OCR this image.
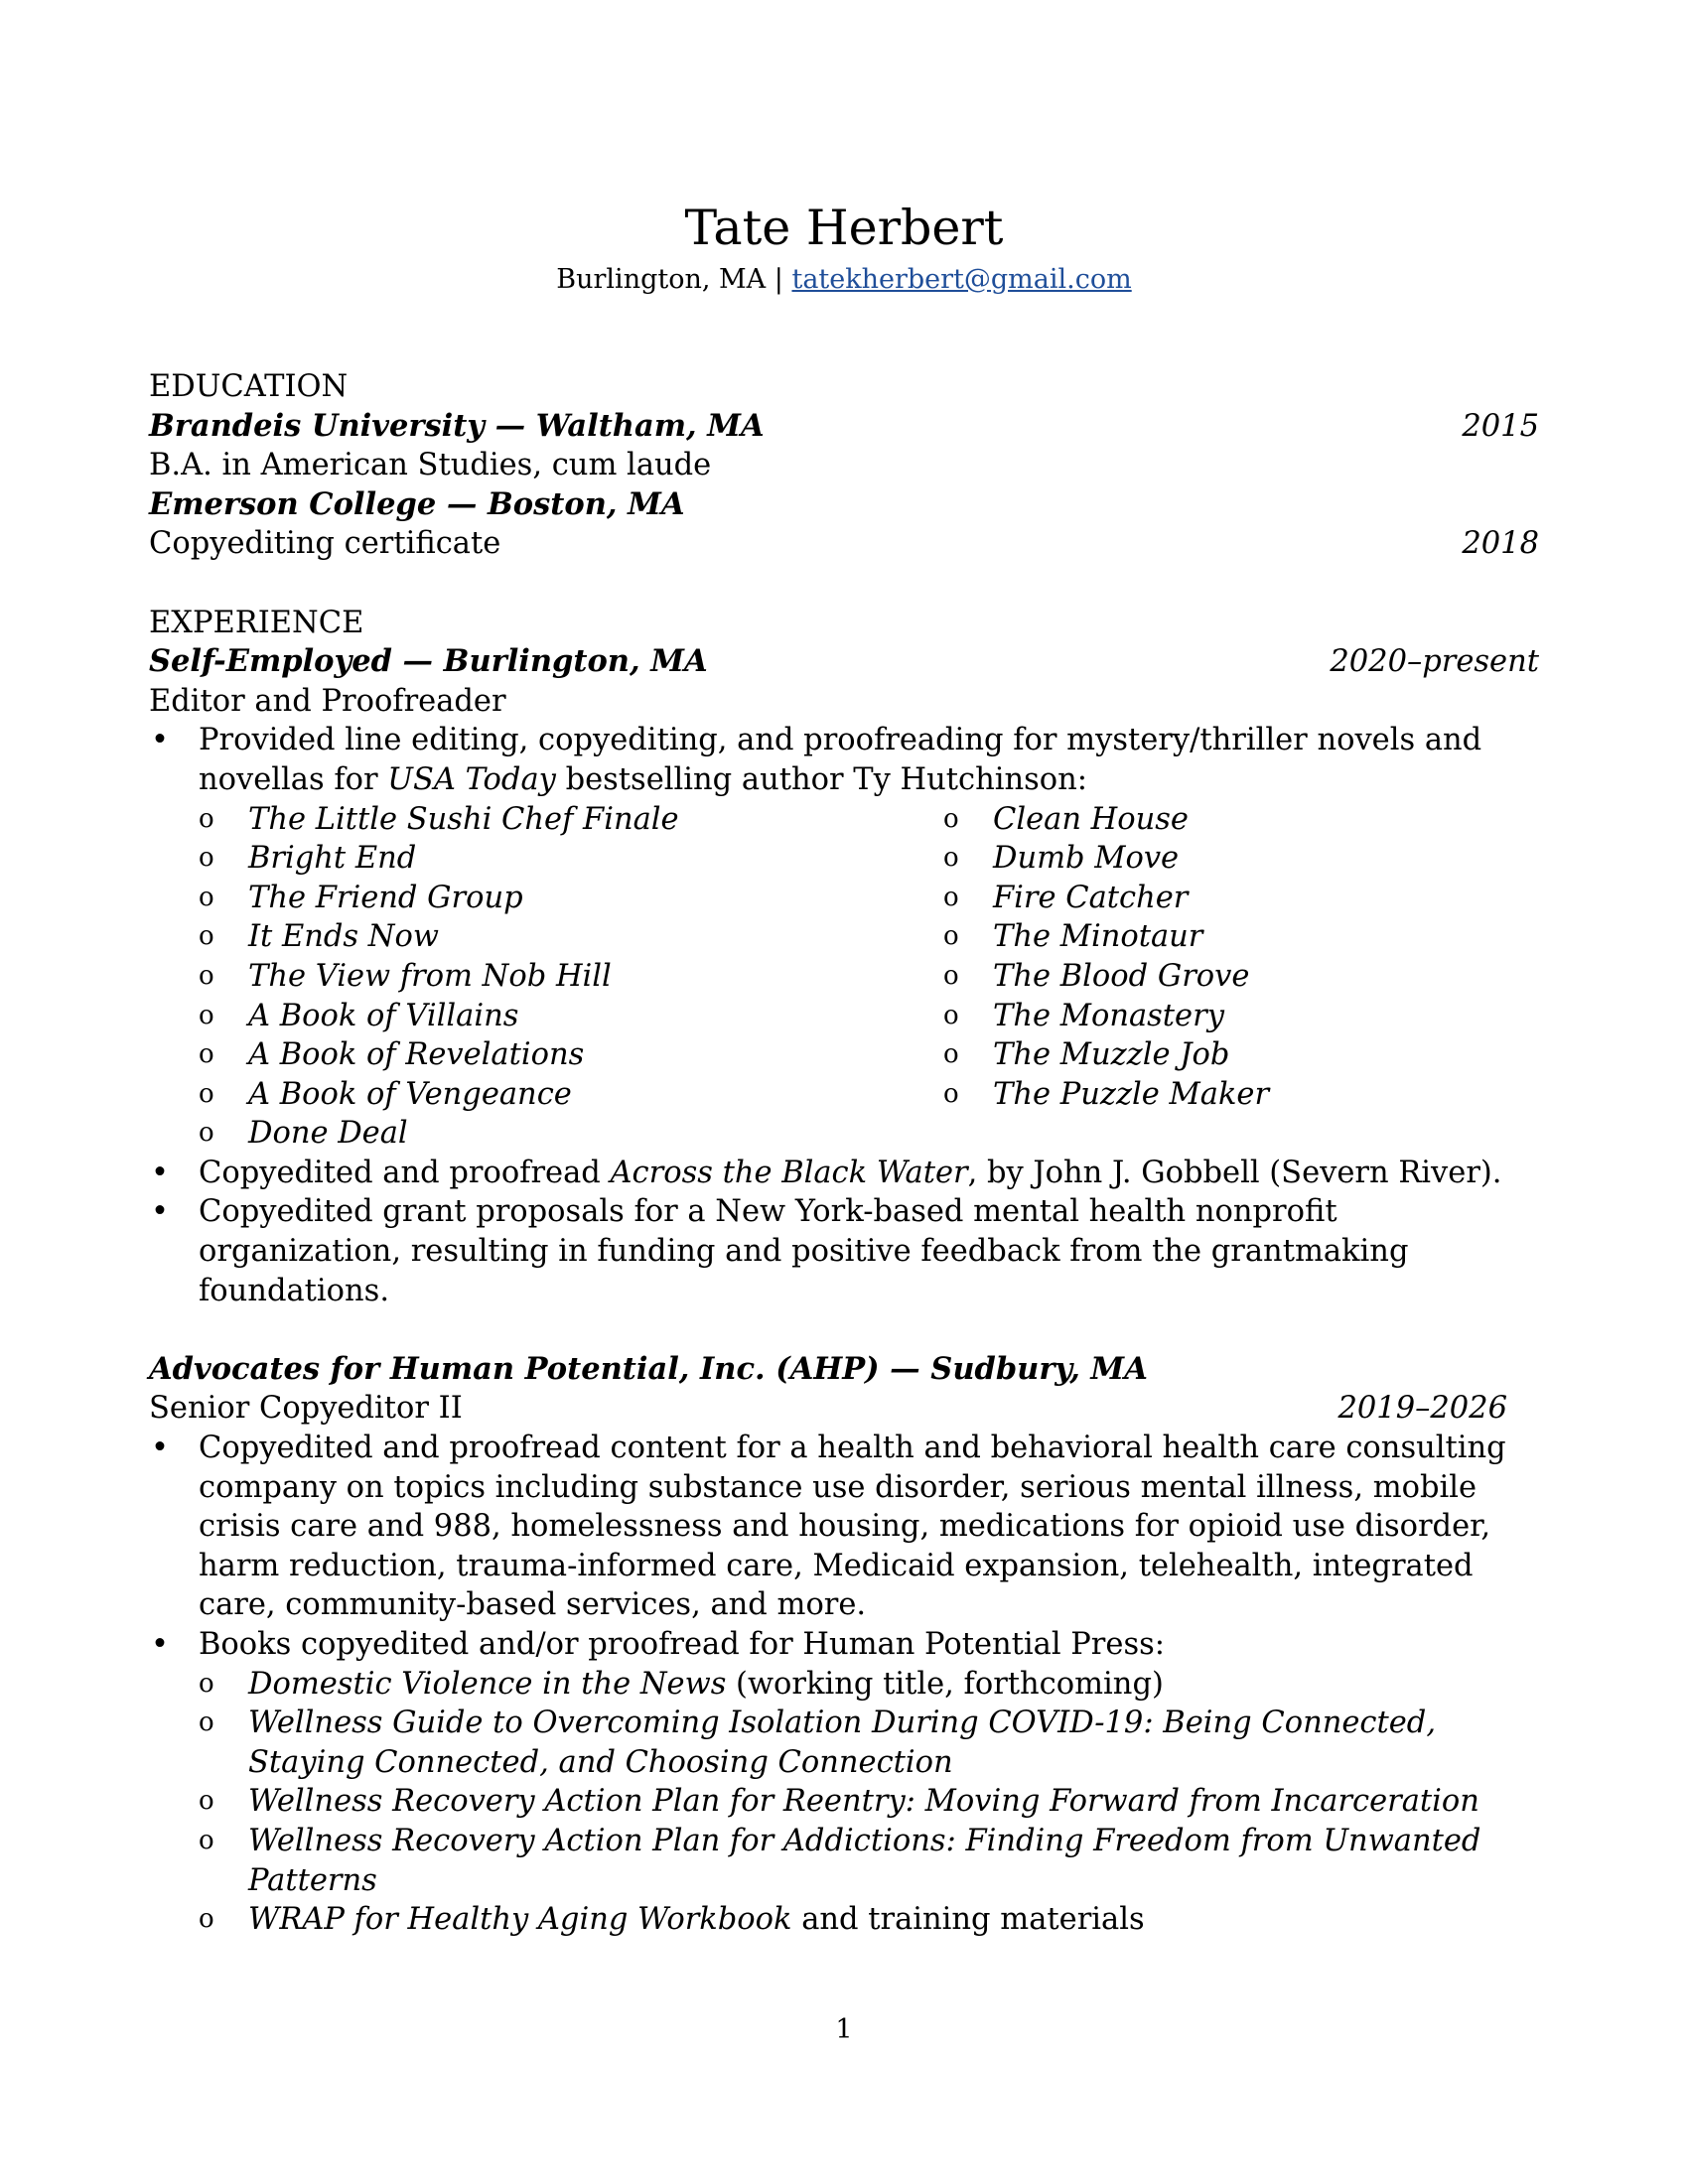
Tate Herbert
Burlington, MA | tatekherbert@gmail.com
EDUCATION
Brandeis University — Waltham, MA	2015
B.A. in American Studies, cum laude
Emerson College — Boston, MA
Copyediting certificate	2018
EXPERIENCE
Self-Employed — Burlington, MA	2020–present
Editor and Proofreader
• Provided line editing, copyediting, and proofreading for mystery/thriller novels and novellas for USA Today bestselling author Ty Hutchinson:
o The Little Sushi Chef Finale
o Bright End
o The Friend Group
o It Ends Now
o The View from Nob Hill
o A Book of Villains
o A Book of Revelations
o A Book of Vengeance
o Done Deal
o Clean House
o Dumb Move
o Fire Catcher
o The Minotaur
o The Blood Grove
o The Monastery
o The Muzzle Job
o The Puzzle Maker
• Copyedited and proofread Across the Black Water, by John J. Gobbell (Severn River).
• Copyedited grant proposals for a New York-based mental health nonprofit organization, resulting in funding and positive feedback from the grantmaking foundations.
Advocates for Human Potential, Inc. (AHP) — Sudbury, MA
Senior Copyeditor II	2019–2026
• Copyedited and proofread content for a health and behavioral health care consulting company on topics including substance use disorder, serious mental illness, mobile crisis care and 988, homelessness and housing, medications for opioid use disorder, harm reduction, trauma-informed care, Medicaid expansion, telehealth, integrated care, community-based services, and more.
• Books copyedited and/or proofread for Human Potential Press:
o Domestic Violence in the News (working title, forthcoming)
o Wellness Guide to Overcoming Isolation During COVID-19: Being Connected, Staying Connected, and Choosing Connection
o Wellness Recovery Action Plan for Reentry: Moving Forward from Incarceration
o Wellness Recovery Action Plan for Addictions: Finding Freedom from Unwanted Patterns
o WRAP for Healthy Aging Workbook and training materials
1
